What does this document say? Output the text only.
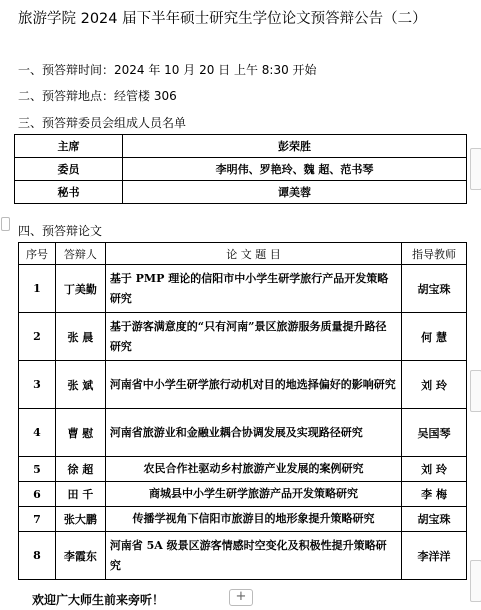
旅游学院 2024 届下半年硕士研究生学位论文预答辩公告（二）
一、预答辩时间：2024 年 10 月 20 日 上午 8:30 开始
二、预答辩地点：经管楼 306
三、预答辩委员会组成人员名单
主席	彭荣胜
委员	李明伟、罗艳玲、魏 超、范书琴
秘书	谭美蓉
四、预答辩论文
序号	答辩人	论 文 题 目	指导教师
1	丁美勤	基于 PMP 理论的信阳市中小学生研学旅行产品开发策略研究	胡宝珠
2	张 晨	基于游客满意度的“只有河南”景区旅游服务质量提升路径研究	何 慧
3	张 斌	河南省中小学生研学旅行动机对目的地选择偏好的影响研究	刘 玲
4	曹 慰	河南省旅游业和金融业耦合协调发展及实现路径研究	吴国琴
5	徐 超	农民合作社驱动乡村旅游产业发展的案例研究	刘 玲
6	田 千	商城县中小学生研学旅游产品开发策略研究	李 梅
7	张大鹏	传播学视角下信阳市旅游目的地形象提升策略研究	胡宝珠
8	李霞东	河南省 5A 级景区游客情感时空变化及积极性提升策略研究	李洋洋
欢迎广大师生前来旁听！	+
